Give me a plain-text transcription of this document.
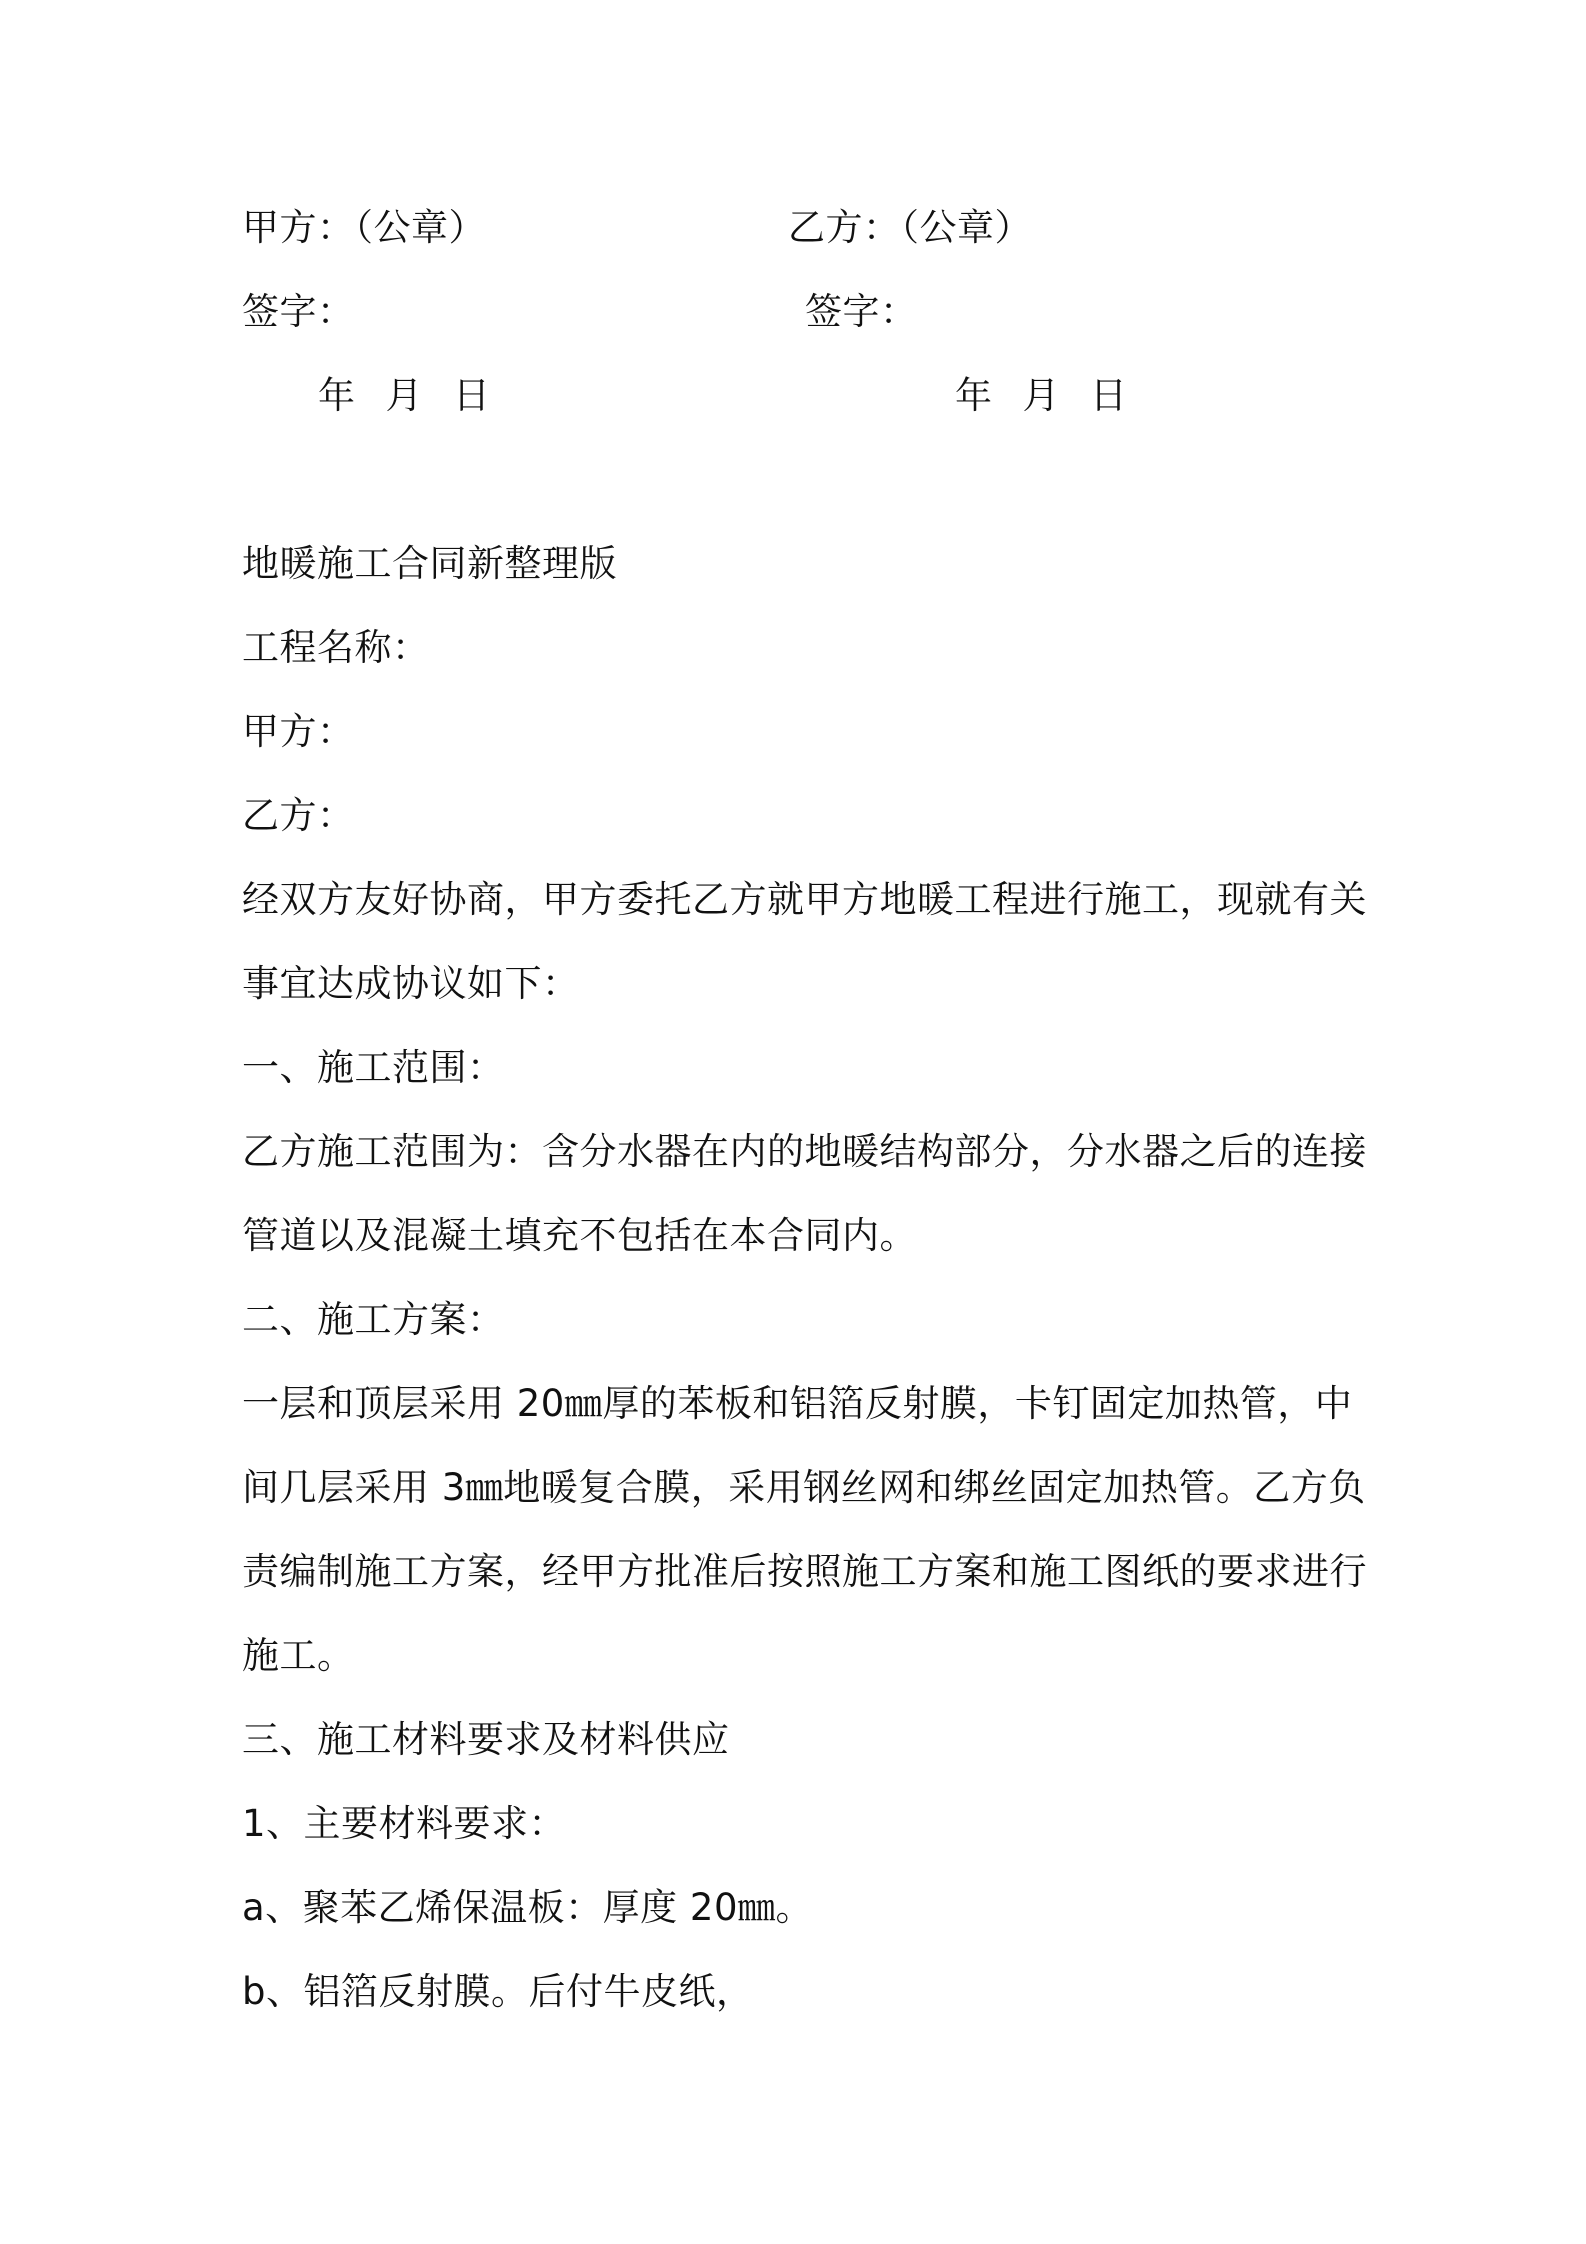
甲方：（公章）	乙方：（公章）
签字：	签字：
年 月 日	年 月 日
地暖施工合同新整理版
工程名称：
甲方：
乙方：
经双方友好协商，甲方委托乙方就甲方地暖工程进行施工，现就有关
事宜达成协议如下：
一、施工范围：
乙方施工范围为：含分水器在内的地暖结构部分，分水器之后的连接
管道以及混凝土填充不包括在本合同内。
二、施工方案：
一层和顶层采用 20㎜厚的苯板和铝箔反射膜，卡钉固定加热管，中
间几层采用 3㎜地暖复合膜，采用钢丝网和绑丝固定加热管。乙方负
责编制施工方案，经甲方批准后按照施工方案和施工图纸的要求进行
施工。
三、施工材料要求及材料供应
1、主要材料要求：
a、聚苯乙烯保温板：厚度 20㎜。
b、铝箔反射膜。后付牛皮纸，
